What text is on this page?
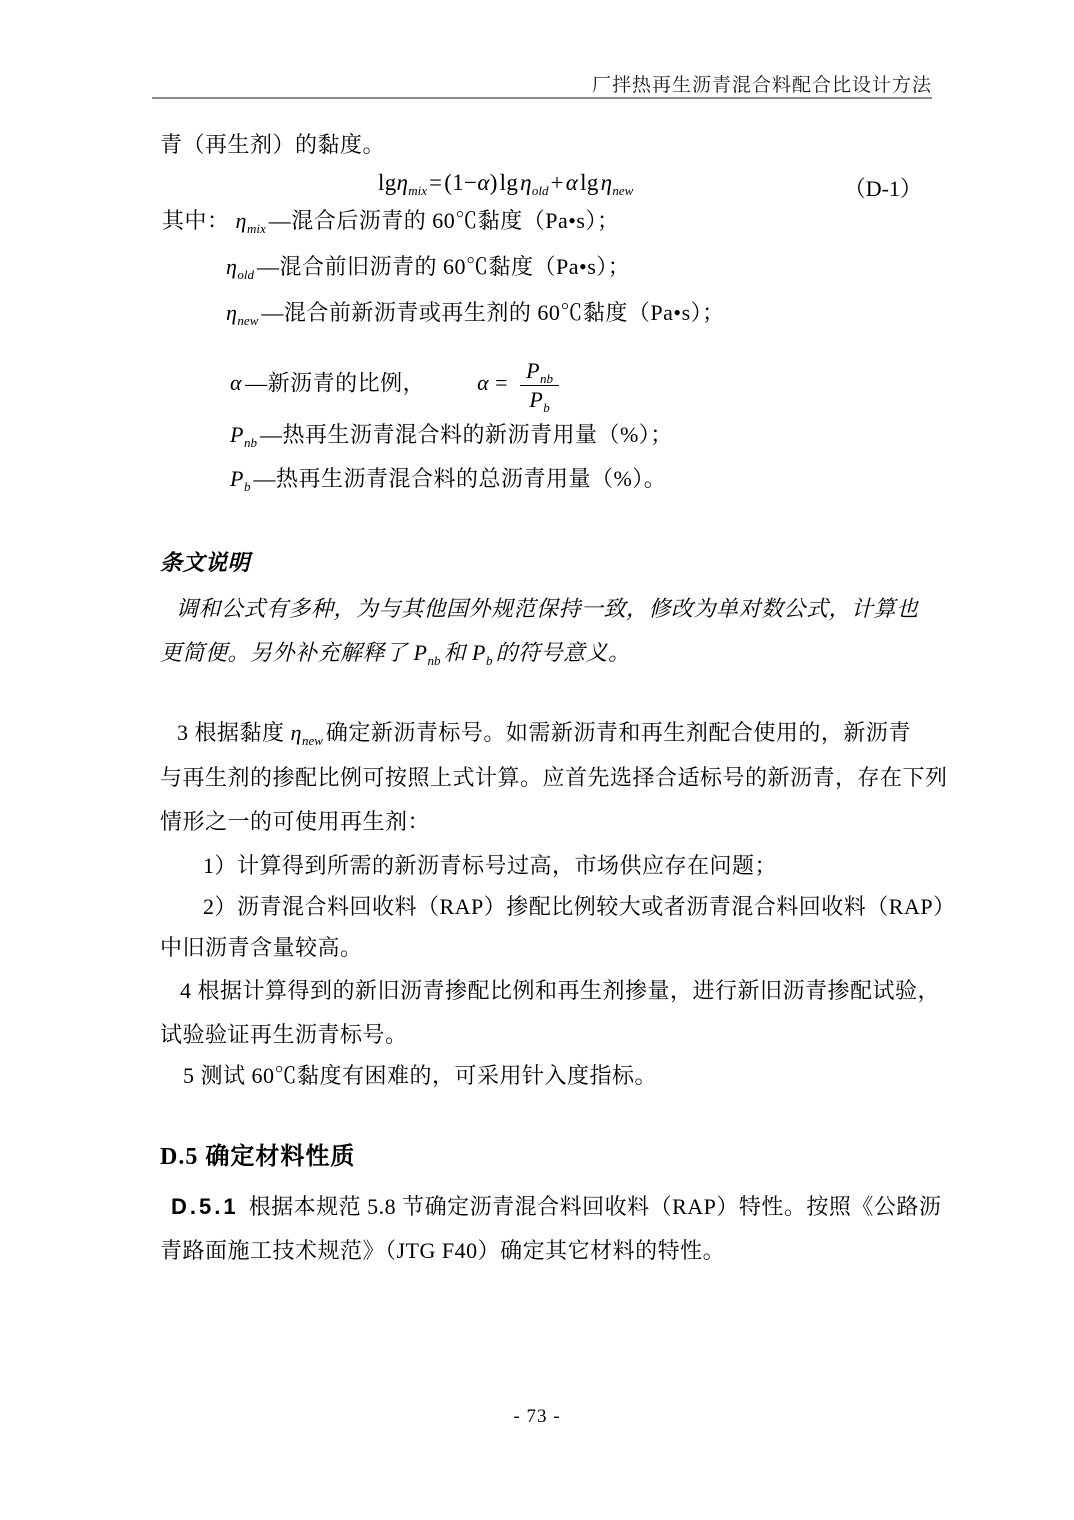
厂拌热再生沥青混合料配合比设计方法
青（再生剂）的黏度。
lgη$_{mix}$=(1−α)lgη$_{old}$+αlgη$_{new}$	（D-1）
其中： $\eta_{mix}$ —混合后沥青的 60℃黏度（Pa•s）；
$\eta_{old}$ —混合前旧沥青的 60℃黏度（Pa•s）；
$\eta_{new}$ —混合前新沥青或再生剂的 60℃黏度（Pa•s）；
α —新沥青的比例， $\alpha = \frac{P_{nb}}{P_b}$
$P_{nb}$ —热再生沥青混合料的新沥青用量（%）；
$P_b$ —热再生沥青混合料的总沥青用量（%）。
条文说明
调和公式有多种，为与其他国外规范保持一致，修改为单对数公式，计算也
更简便。另外补充解释了 $P_{nb}$ 和 $P_b$ 的符号意义。
3 根据黏度 $\eta_{new}$ 确定新沥青标号。如需新沥青和再生剂配合使用的，新沥青
与再生剂的掺配比例可按照上式计算。应首先选择合适标号的新沥青，存在下列
情形之一的可使用再生剂：
1）计算得到所需的新沥青标号过高，市场供应存在问题；
2）沥青混合料回收料（RAP）掺配比例较大或者沥青混合料回收料（RAP）
中旧沥青含量较高。
4 根据计算得到的新旧沥青掺配比例和再生剂掺量，进行新旧沥青掺配试验，
试验验证再生沥青标号。
5 测试 60℃黏度有困难的，可采用针入度指标。
D.5 确定材料性质
D.5.1 根据本规范 5.8 节确定沥青混合料回收料（RAP）特性。按照《公路沥
青路面施工技术规范》（JTG F40）确定其它材料的特性。
- 73 -
